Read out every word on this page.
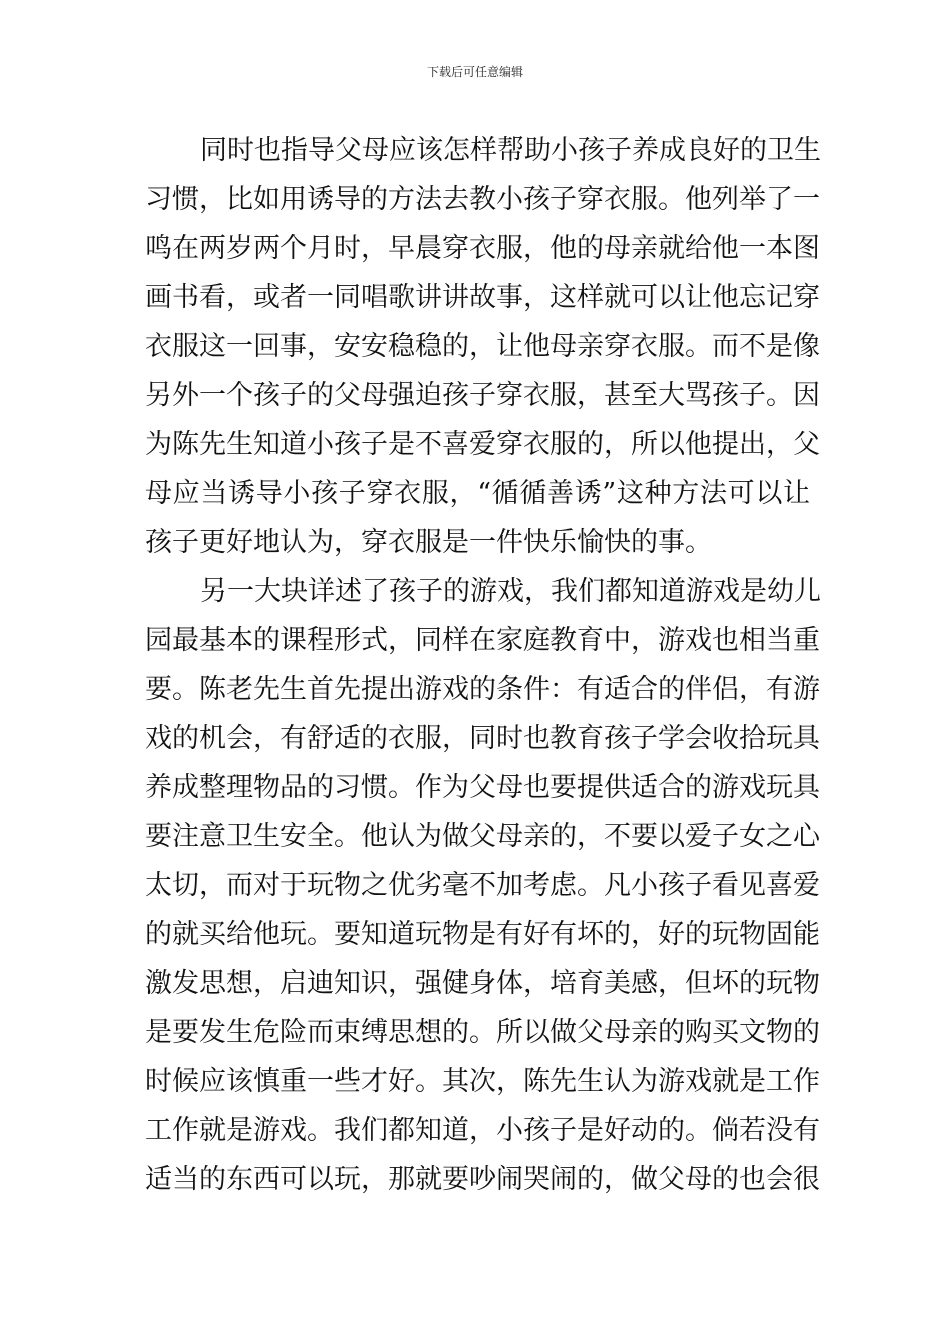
下载后可任意编辑
同时也指导父母应该怎样帮助小孩子养成良好的卫生
习惯，比如用诱导的方法去教小孩子穿衣服。他列举了一
鸣在两岁两个月时，早晨穿衣服，他的母亲就给他一本图
画书看，或者一同唱歌讲讲故事，这样就可以让他忘记穿
衣服这一回事，安安稳稳的，让他母亲穿衣服。而不是像
另外一个孩子的父母强迫孩子穿衣服，甚至大骂孩子。因
为陈先生知道小孩子是不喜爱穿衣服的，所以他提出，父
母应当诱导小孩子穿衣服，“循循善诱”这种方法可以让
孩子更好地认为，穿衣服是一件快乐愉快的事。
另一大块详述了孩子的游戏，我们都知道游戏是幼儿
园最基本的课程形式，同样在家庭教育中，游戏也相当重
要。陈老先生首先提出游戏的条件：有适合的伴侣，有游
戏的机会，有舒适的衣服，同时也教育孩子学会收拾玩具
养成整理物品的习惯。作为父母也要提供适合的游戏玩具
要注意卫生安全。他认为做父母亲的，不要以爱子女之心
太切，而对于玩物之优劣毫不加考虑。凡小孩子看见喜爱
的就买给他玩。要知道玩物是有好有坏的，好的玩物固能
激发思想，启迪知识，强健身体，培育美感，但坏的玩物
是要发生危险而束缚思想的。所以做父母亲的购买文物的
时候应该慎重一些才好。其次，陈先生认为游戏就是工作
工作就是游戏。我们都知道，小孩子是好动的。倘若没有
适当的东西可以玩，那就要吵闹哭闹的，做父母的也会很
